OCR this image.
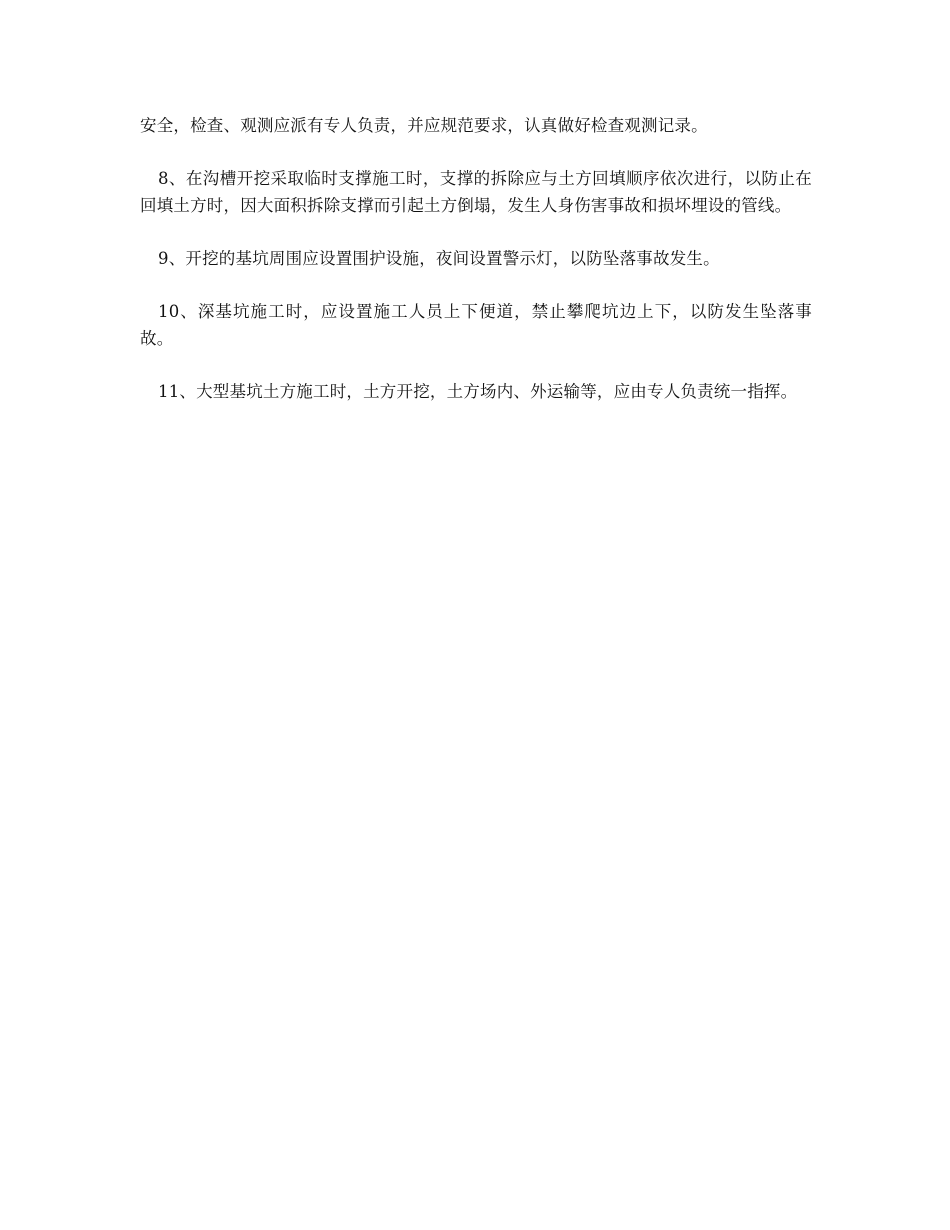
安全，检查、观测应派有专人负责，并应规范要求，认真做好检查观测记录。

8、在沟槽开挖采取临时支撑施工时，支撑的拆除应与土方回填顺序依次进行，以防止在回填土方时，因大面积拆除支撑而引起土方倒塌，发生人身伤害事故和损坏埋设的管线。

9、开挖的基坑周围应设置围护设施，夜间设置警示灯，以防坠落事故发生。

10、深基坑施工时，应设置施工人员上下便道，禁止攀爬坑边上下，以防发生坠落事故。

11、大型基坑土方施工时，土方开挖，土方场内、外运输等，应由专人负责统一指挥。
